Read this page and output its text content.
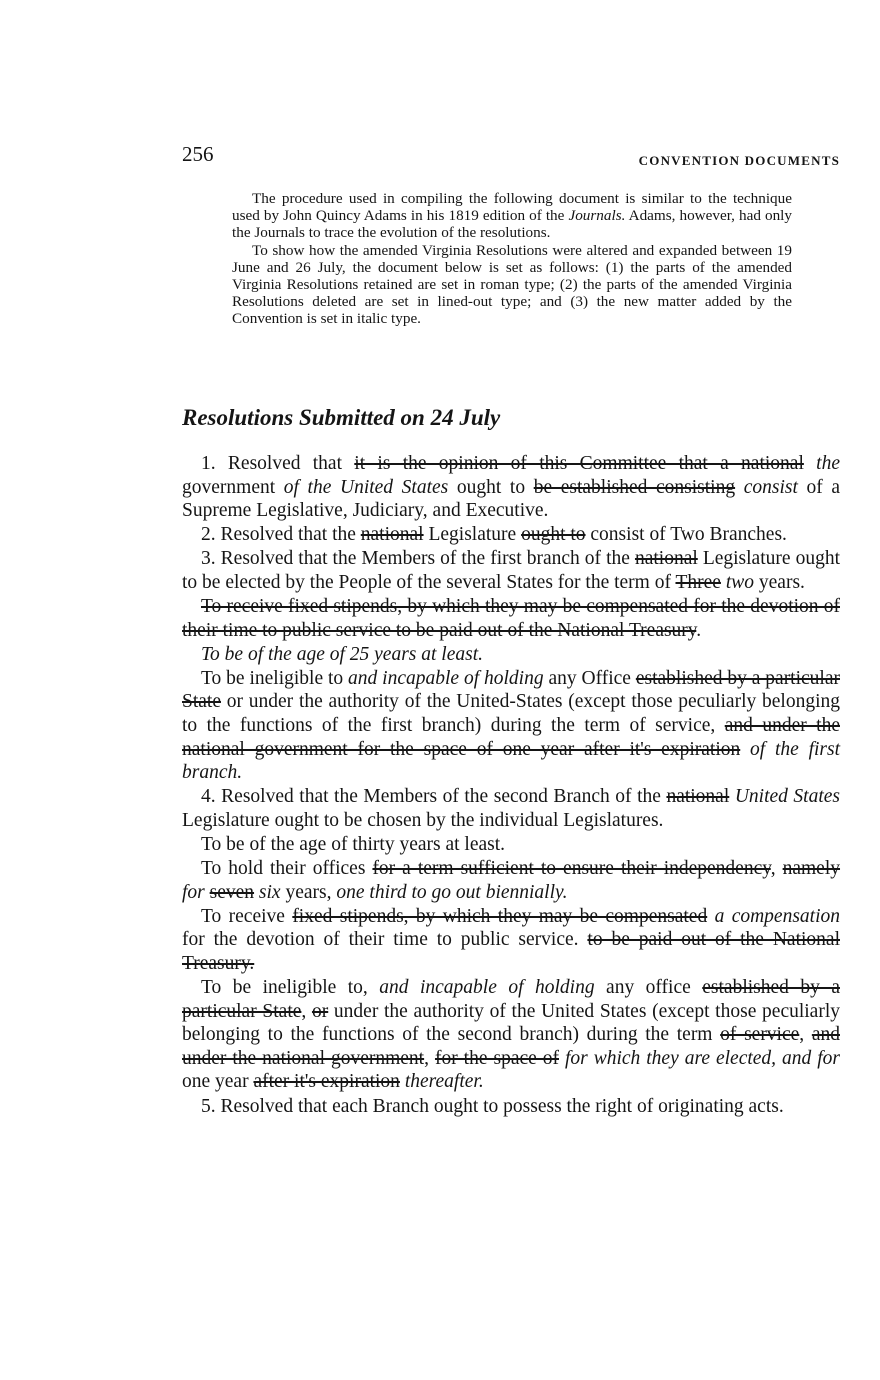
256	CONVENTION DOCUMENTS

The procedure used in compiling the following document is similar to the technique used by John Quincy Adams in his 1819 edition of the Journals. Adams, however, had only the Journals to trace the evolution of the resolutions.

To show how the amended Virginia Resolutions were altered and expanded between 19 June and 26 July, the document below is set as follows: (1) the parts of the amended Virginia Resolutions retained are set in roman type; (2) the parts of the amended Virginia Resolutions deleted are set in lined-out type; and (3) the new matter added by the Convention is set in italic type.

Resolutions Submitted on 24 July

1. Resolved that it is the opinion of this Committee that a national the government of the United States ought to be established consisting consist of a Supreme Legislative, Judiciary, and Executive.

2. Resolved that the national Legislature ought to consist of Two Branches.

3. Resolved that the Members of the first branch of the national Legislature ought to be elected by the People of the several States for the term of Three two years.

To receive fixed stipends, by which they may be compensated for the devotion of their time to public service to be paid out of the National Treasury.

To be of the age of 25 years at least.

To be ineligible to and incapable of holding any Office established by a particular State or under the authority of the United-States (except those peculiarly belonging to the functions of the first branch) during the term of service, and under the national government for the space of one year after it's expiration of the first branch.

4. Resolved that the Members of the second Branch of the national United States Legislature ought to be chosen by the individual Legislatures.

To be of the age of thirty years at least.

To hold their offices for a term sufficient to ensure their independency, namely for seven six years, one third to go out biennially.

To receive fixed stipends, by which they may be compensated a compensation for the devotion of their time to public service. to be paid out of the National Treasury.

To be ineligible to, and incapable of holding any office established by a particular State, or under the authority of the United States (except those peculiarly belonging to the functions of the second branch) during the term of service, and under the national government, for the space of for which they are elected, and for one year after it's expiration thereafter.

5. Resolved that each Branch ought to possess the right of originating acts.
